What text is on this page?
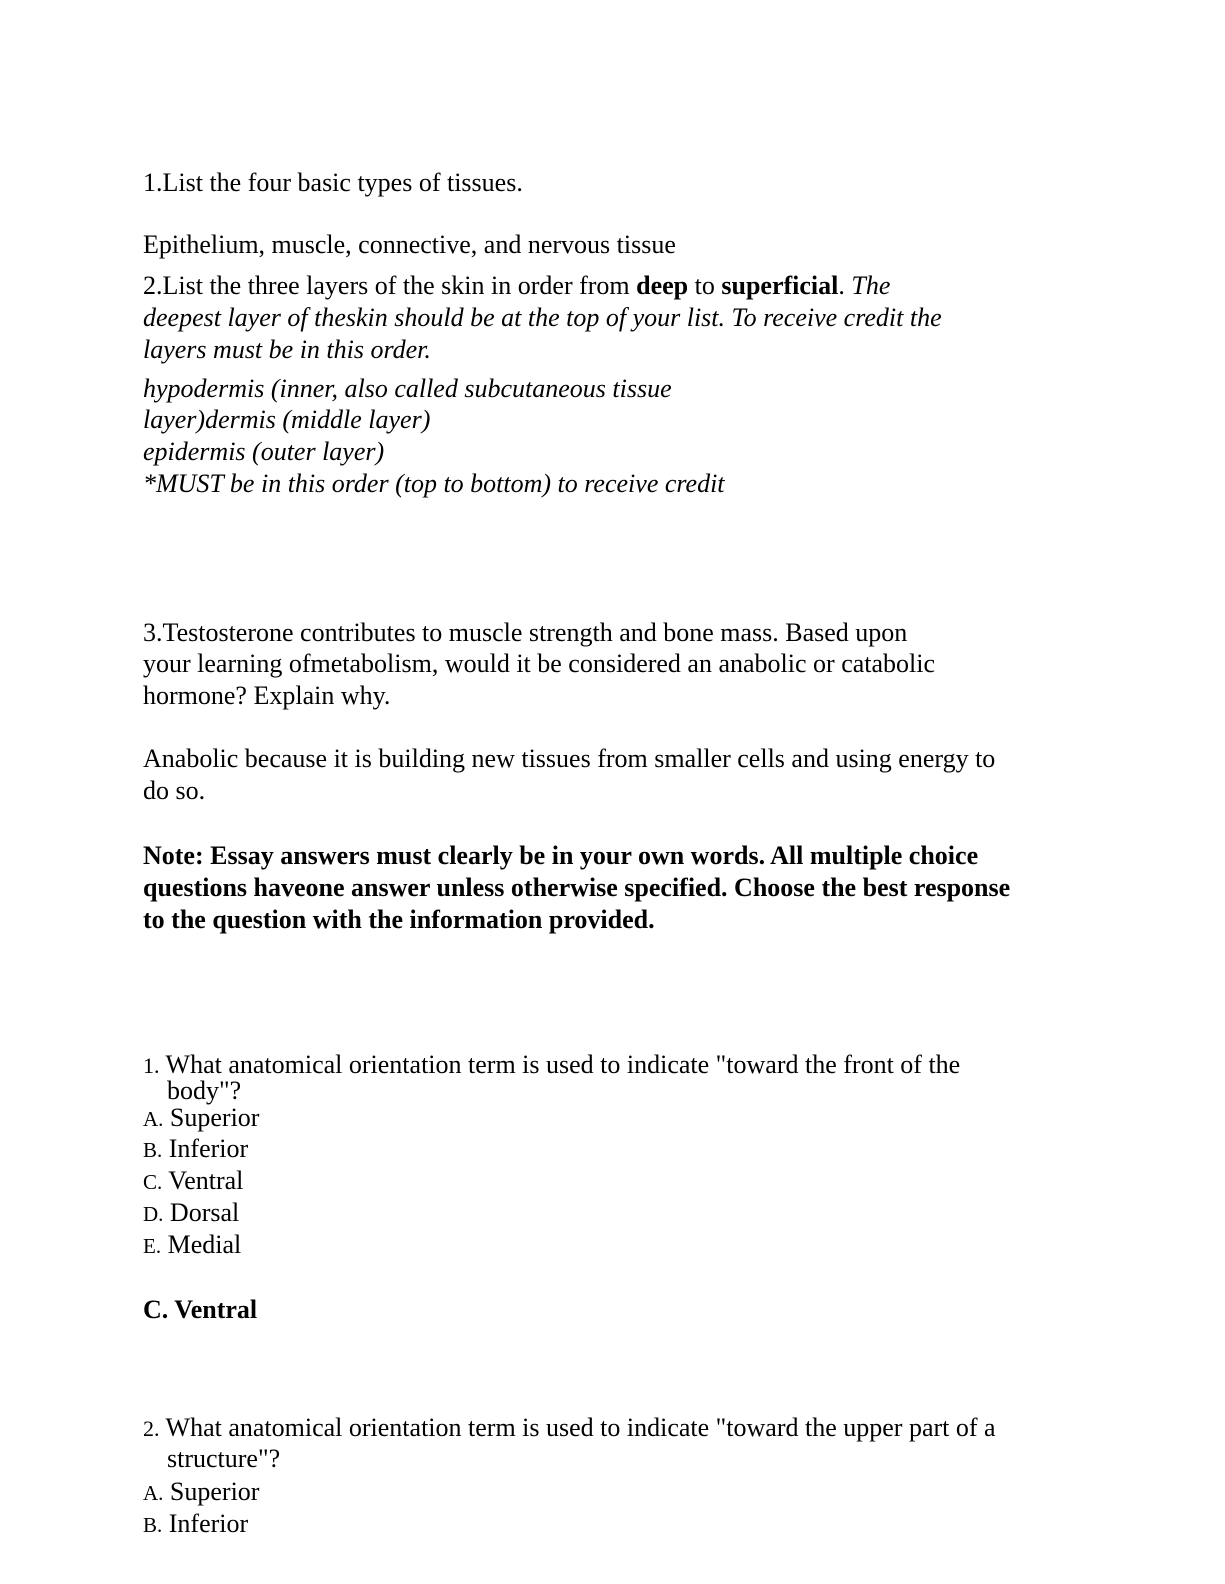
1.List the four basic types of tissues.
Epithelium, muscle, connective, and nervous tissue
2.List the three layers of the skin in order from deep to superficial. The
deepest layer of theskin should be at the top of your list. To receive credit the
layers must be in this order.
hypodermis (inner, also called subcutaneous tissue
layer)dermis (middle layer)
epidermis (outer layer)
*MUST be in this order (top to bottom) to receive credit
3.Testosterone contributes to muscle strength and bone mass. Based upon
your learning ofmetabolism, would it be considered an anabolic or catabolic
hormone? Explain why.
Anabolic because it is building new tissues from smaller cells and using energy to
do so.
Note: Essay answers must clearly be in your own words. All multiple choice
questions haveone answer unless otherwise specified. Choose the best response
to the question with the information provided.
1. What anatomical orientation term is used to indicate "toward the front of the
body"?
A. Superior
B. Inferior
C. Ventral
D. Dorsal
E. Medial
C. Ventral
2. What anatomical orientation term is used to indicate "toward the upper part of a
structure"?
A. Superior
B. Inferior
